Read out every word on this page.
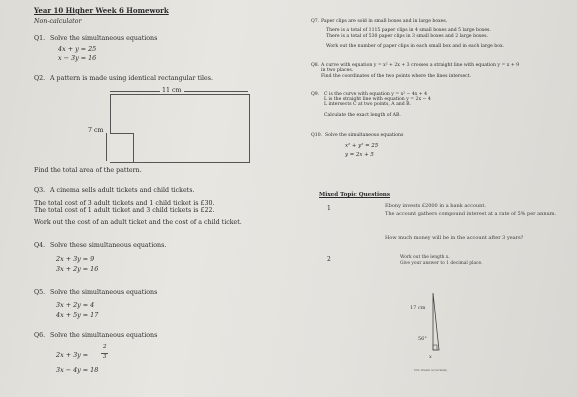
Year 10 Higher Week 6 Homework
Non-calculator
Q1. Solve the simultaneous equations
4x + y = 25
x − 3y = 16
Q2. A pattern is made using identical rectangular tiles.
11 cm
7 cm
Find the total area of the pattern.
Q3. A cinema sells adult tickets and child tickets.
The total cost of 3 adult tickets and 1 child ticket is £30.
The total cost of 1 adult ticket and 3 child tickets is £22.
Work out the cost of an adult ticket and the cost of a child ticket.
Q4. Solve these simultaneous equations.
2x + 3y = 9
3x + 2y = 16
Q5. Solve the simultaneous equations
3x + 2y = 4
4x + 5y = 17
Q6. Solve the simultaneous equations
2x + 3y =
2
3
3x − 4y = 18
Q7. Paper clips are sold in small boxes and in large boxes.
There is a total of 1115 paper clips in 4 small boxes and 5 large boxes.
There is a total of 530 paper clips in 3 small boxes and 2 large boxes.
Work out the number of paper clips in each small box and in each large box.
Q8. A curve with equation y = x² + 2x + 3 crosses a straight line with equation y = x + 9
in two places.
Find the coordinates of the two points where the lines intersect.
Q9. C is the curve with equation y = x² − 4x + 4
L is the straight line with equation y = 2x − 4
L intersects C at two points, A and B.
Calculate the exact length of AB.
Q10. Solve the simultaneous equations
x² + y² = 25
y = 2x + 5
Mixed Topic Questions
1	Ebony invests £2000 in a bank account.
The account gathers compound interest at a rate of 5% per annum.
How much money will be in the account after 3 years?
2	Work out the length x.
Give your answer to 1 decimal place.
17 cm
56°
x
Not drawn accurately
